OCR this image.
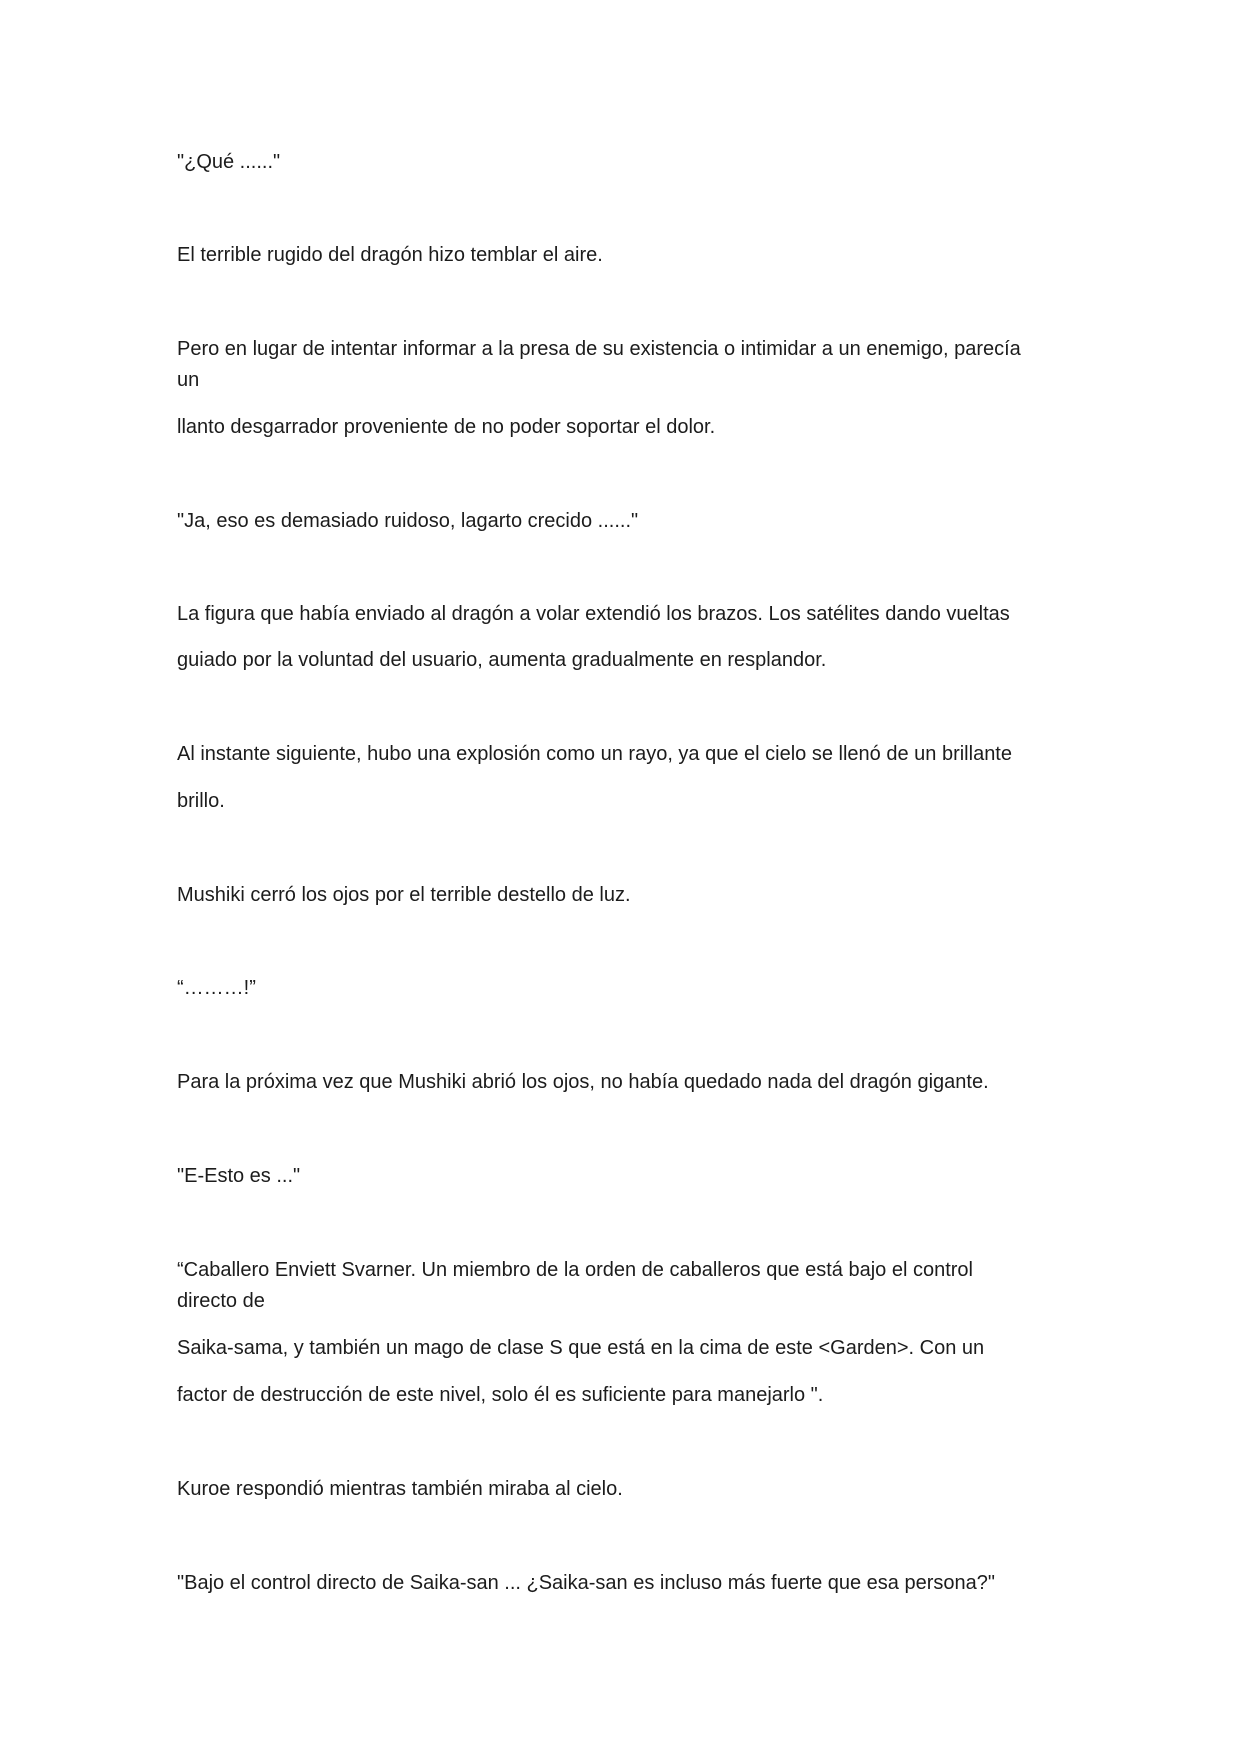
"¿Qué ......"
El terrible rugido del dragón hizo temblar el aire.
Pero en lugar de intentar informar a la presa de su existencia o intimidar a un enemigo, parecía
un
llanto desgarrador proveniente de no poder soportar el dolor.
"Ja, eso es demasiado ruidoso, lagarto crecido ......"
La figura que había enviado al dragón a volar extendió los brazos. Los satélites dando vueltas
guiado por la voluntad del usuario, aumenta gradualmente en resplandor.
Al instante siguiente, hubo una explosión como un rayo, ya que el cielo se llenó de un brillante
brillo.
Mushiki cerró los ojos por el terrible destello de luz.
“………!”
Para la próxima vez que Mushiki abrió los ojos, no había quedado nada del dragón gigante.
"E-Esto es ..."
“Caballero Enviett Svarner. Un miembro de la orden de caballeros que está bajo el control
directo de
Saika-sama, y también un mago de clase S que está en la cima de este <Garden>. Con un
factor de destrucción de este nivel, solo él es suficiente para manejarlo ".
Kuroe respondió mientras también miraba al cielo.
"Bajo el control directo de Saika-san ... ¿Saika-san es incluso más fuerte que esa persona?"
